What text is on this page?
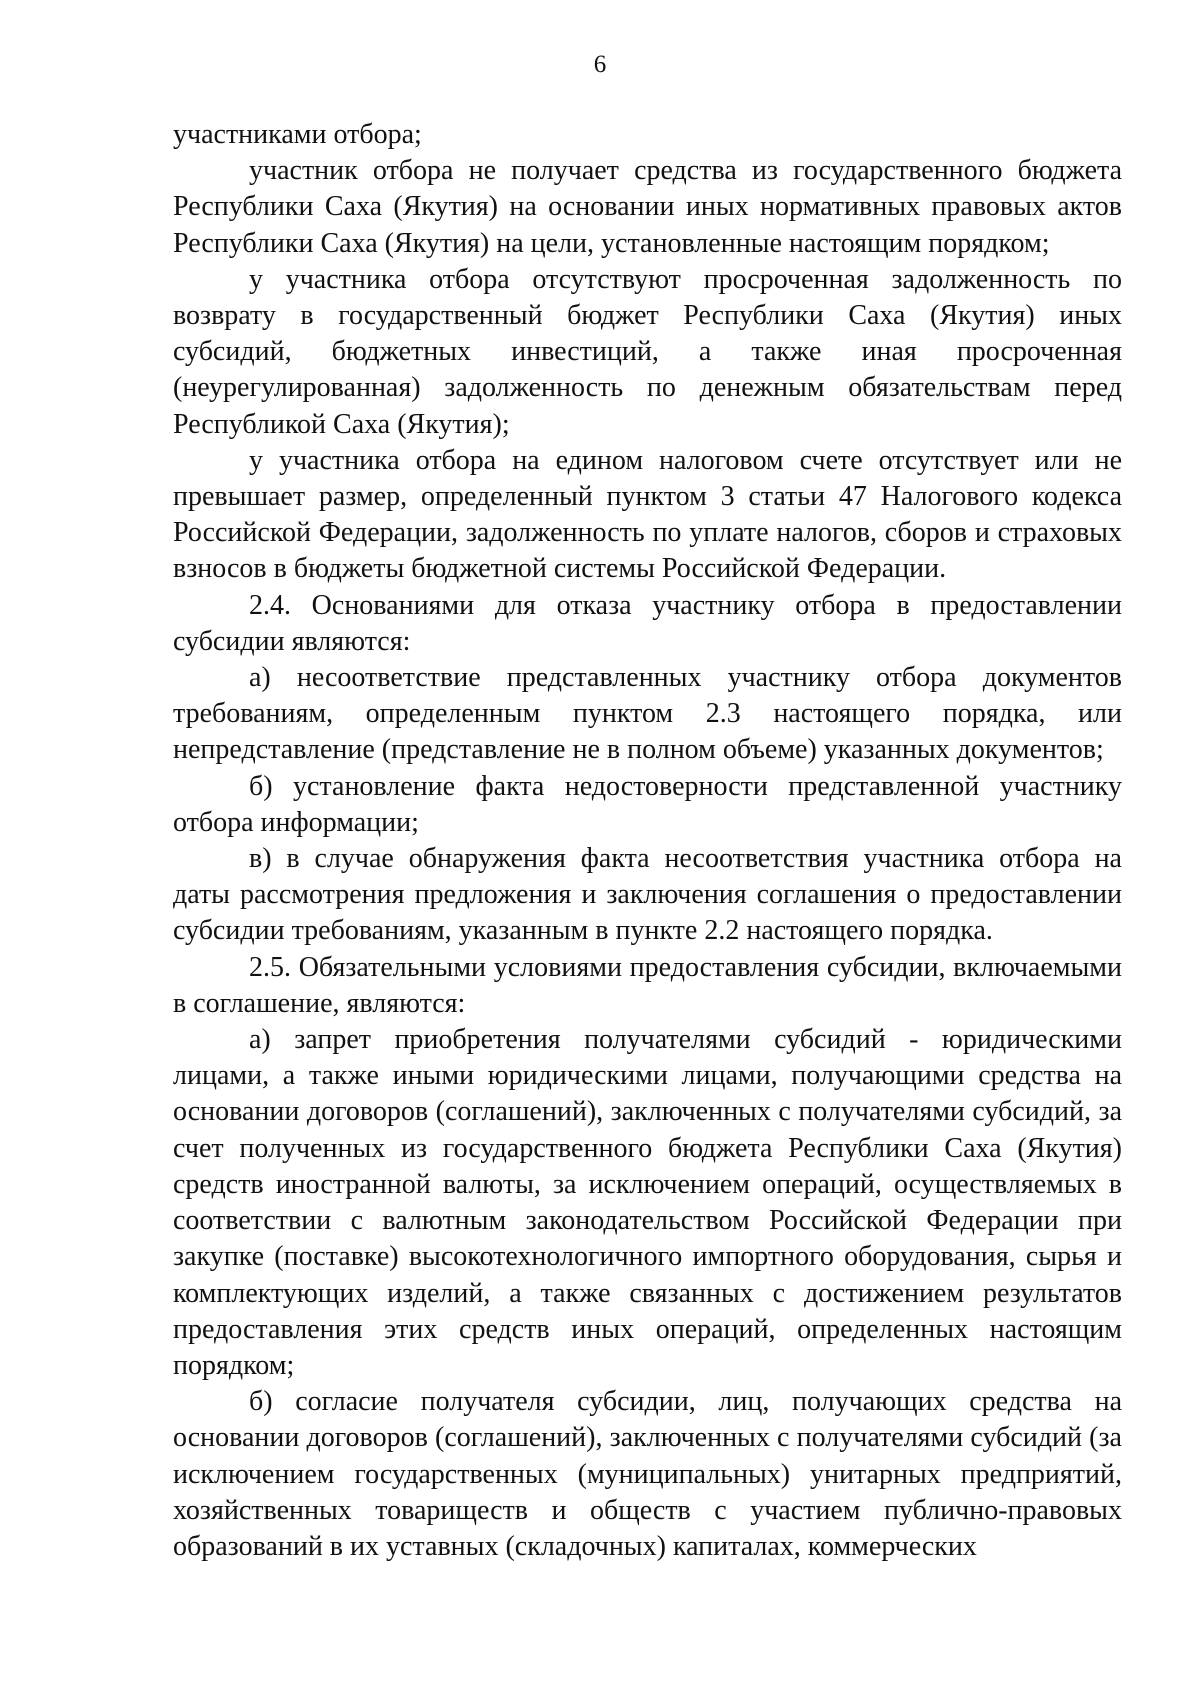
6

участниками отбора;

участник отбора не получает средства из государственного бюджета Республики Саха (Якутия) на основании иных нормативных правовых актов Республики Саха (Якутия) на цели, установленные настоящим порядком;

у участника отбора отсутствуют просроченная задолженность по возврату в государственный бюджет Республики Саха (Якутия) иных субсидий, бюджетных инвестиций, а также иная просроченная (неурегулированная) задолженность по денежным обязательствам перед Республикой Саха (Якутия);

у участника отбора на едином налоговом счете отсутствует или не превышает размер, определенный пунктом 3 статьи 47 Налогового кодекса Российской Федерации, задолженность по уплате налогов, сборов и страховых взносов в бюджеты бюджетной системы Российской Федерации.

2.4. Основаниями для отказа участнику отбора в предоставлении субсидии являются:

а) несоответствие представленных участнику отбора документов требованиям, определенным пунктом 2.3 настоящего порядка, или непредставление (представление не в полном объеме) указанных документов;

б) установление факта недостоверности представленной участнику отбора информации;

в) в случае обнаружения факта несоответствия участника отбора на даты рассмотрения предложения и заключения соглашения о предоставлении субсидии требованиям, указанным в пункте 2.2 настоящего порядка.

2.5. Обязательными условиями предоставления субсидии, включаемыми в соглашение, являются:

а) запрет приобретения получателями субсидий - юридическими лицами, а также иными юридическими лицами, получающими средства на основании договоров (соглашений), заключенных с получателями субсидий, за счет полученных из государственного бюджета Республики Саха (Якутия) средств иностранной валюты, за исключением операций, осуществляемых в соответствии с валютным законодательством Российской Федерации при закупке (поставке) высокотехнологичного импортного оборудования, сырья и комплектующих изделий, а также связанных с достижением результатов предоставления этих средств иных операций, определенных настоящим порядком;

б) согласие получателя субсидии, лиц, получающих средства на основании договоров (соглашений), заключенных с получателями субсидий (за исключением государственных (муниципальных) унитарных предприятий, хозяйственных товариществ и обществ с участием публично-правовых образований в их уставных (складочных) капиталах, коммерческих
